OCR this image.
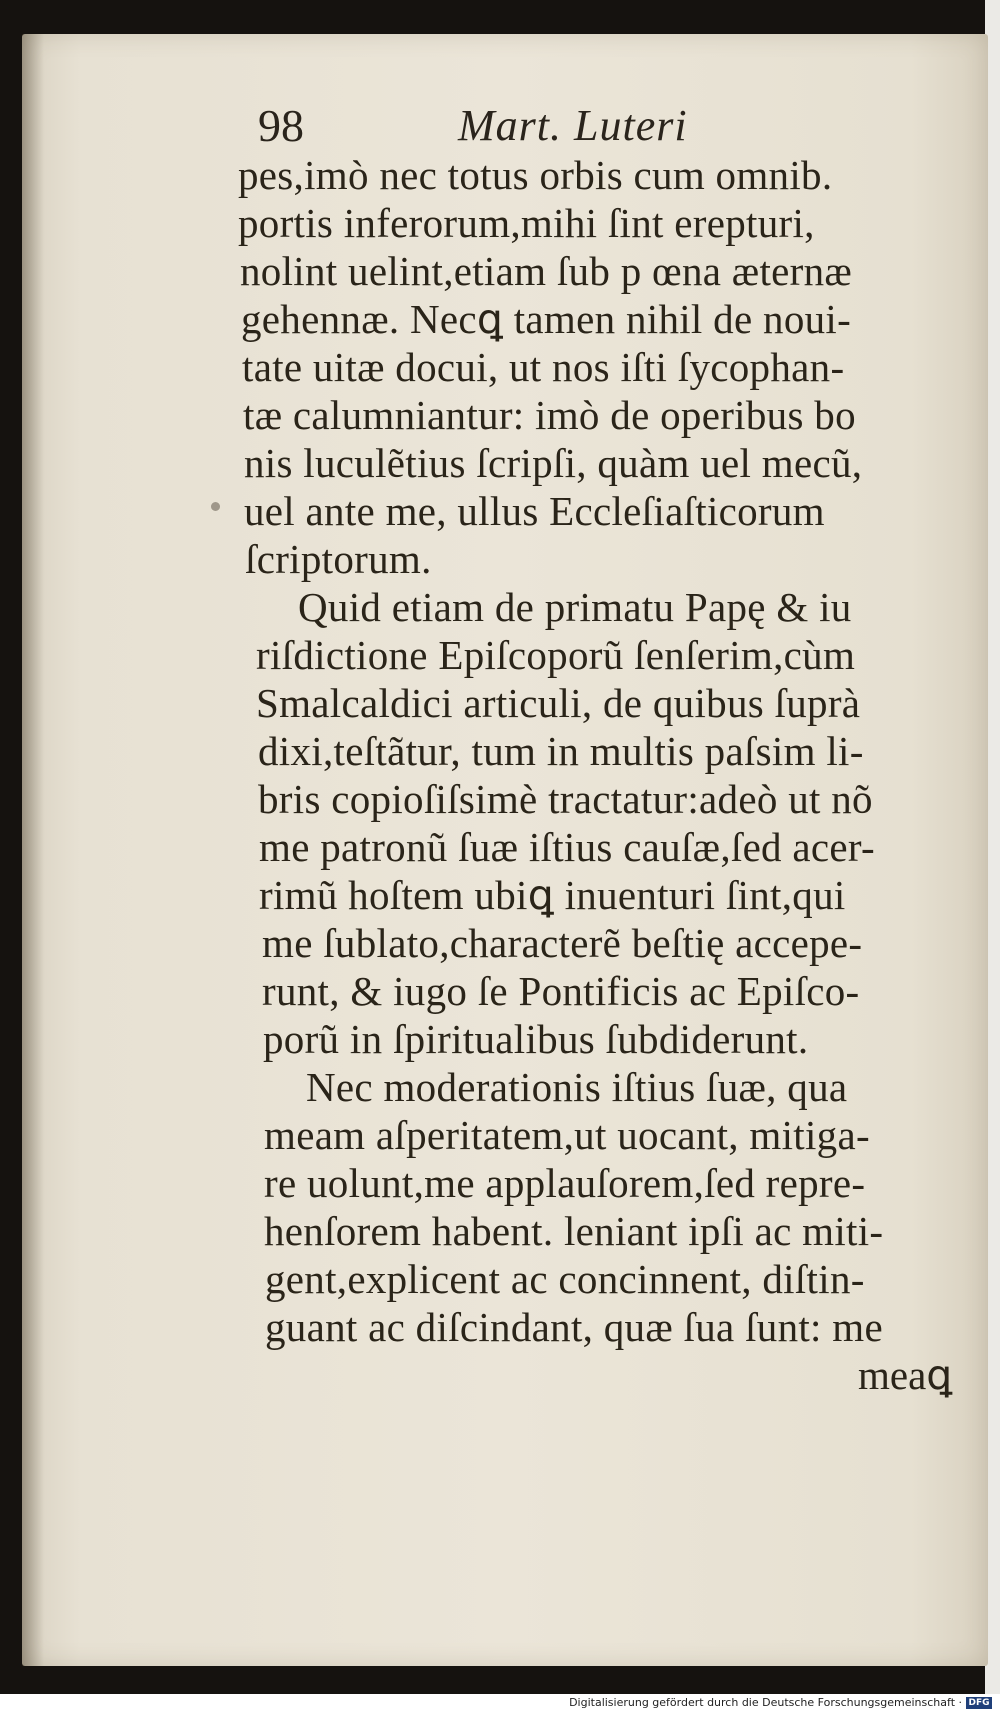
98	Mart. Luteri
pes,imò nec totus orbis cum omnib.
portis inferorum,mihi ſint erepturi,
nolint uelint,etiam ſub p œna æternæ
gehennæ. Necꝗ tamen nihil de noui-
tate uitæ docui, ut nos iſti ſycophan-
tæ calumniantur: imò de operibus bo
nis luculẽtius ſcripſi, quàm uel mecũ,
uel ante me, ullus Eccleſiaſticorum
ſcriptorum.
Quid etiam de primatu Papę & iu
riſdictione Epiſcoporũ ſenſerim,cùm
Smalcaldici articuli, de quibus ſuprà
dixi,teſtãtur, tum in multis paſsim li-
bris copioſiſsimè tractatur:adeò ut nõ
me patronũ ſuæ iſtius cauſæ,ſed acer-
rimũ hoſtem ubiꝗ inuenturi ſint,qui
me ſublato,characterẽ beſtię accepe-
runt, & iugo ſe Pontificis ac Epiſco-
porũ in ſpiritualibus ſubdiderunt.
Nec moderationis iſtius ſuæ, qua
meam aſperitatem,ut uocant, mitiga-
re uolunt,me applauſorem,ſed repre-
henſorem habent. leniant ipſi ac miti-
gent,explicent ac concinnent, diſtin-
guant ac diſcindant, quæ ſua ſunt: me
meaꝗ
Digitalisierung gefördert durch die Deutsche Forschungsgemeinschaft · DFG
